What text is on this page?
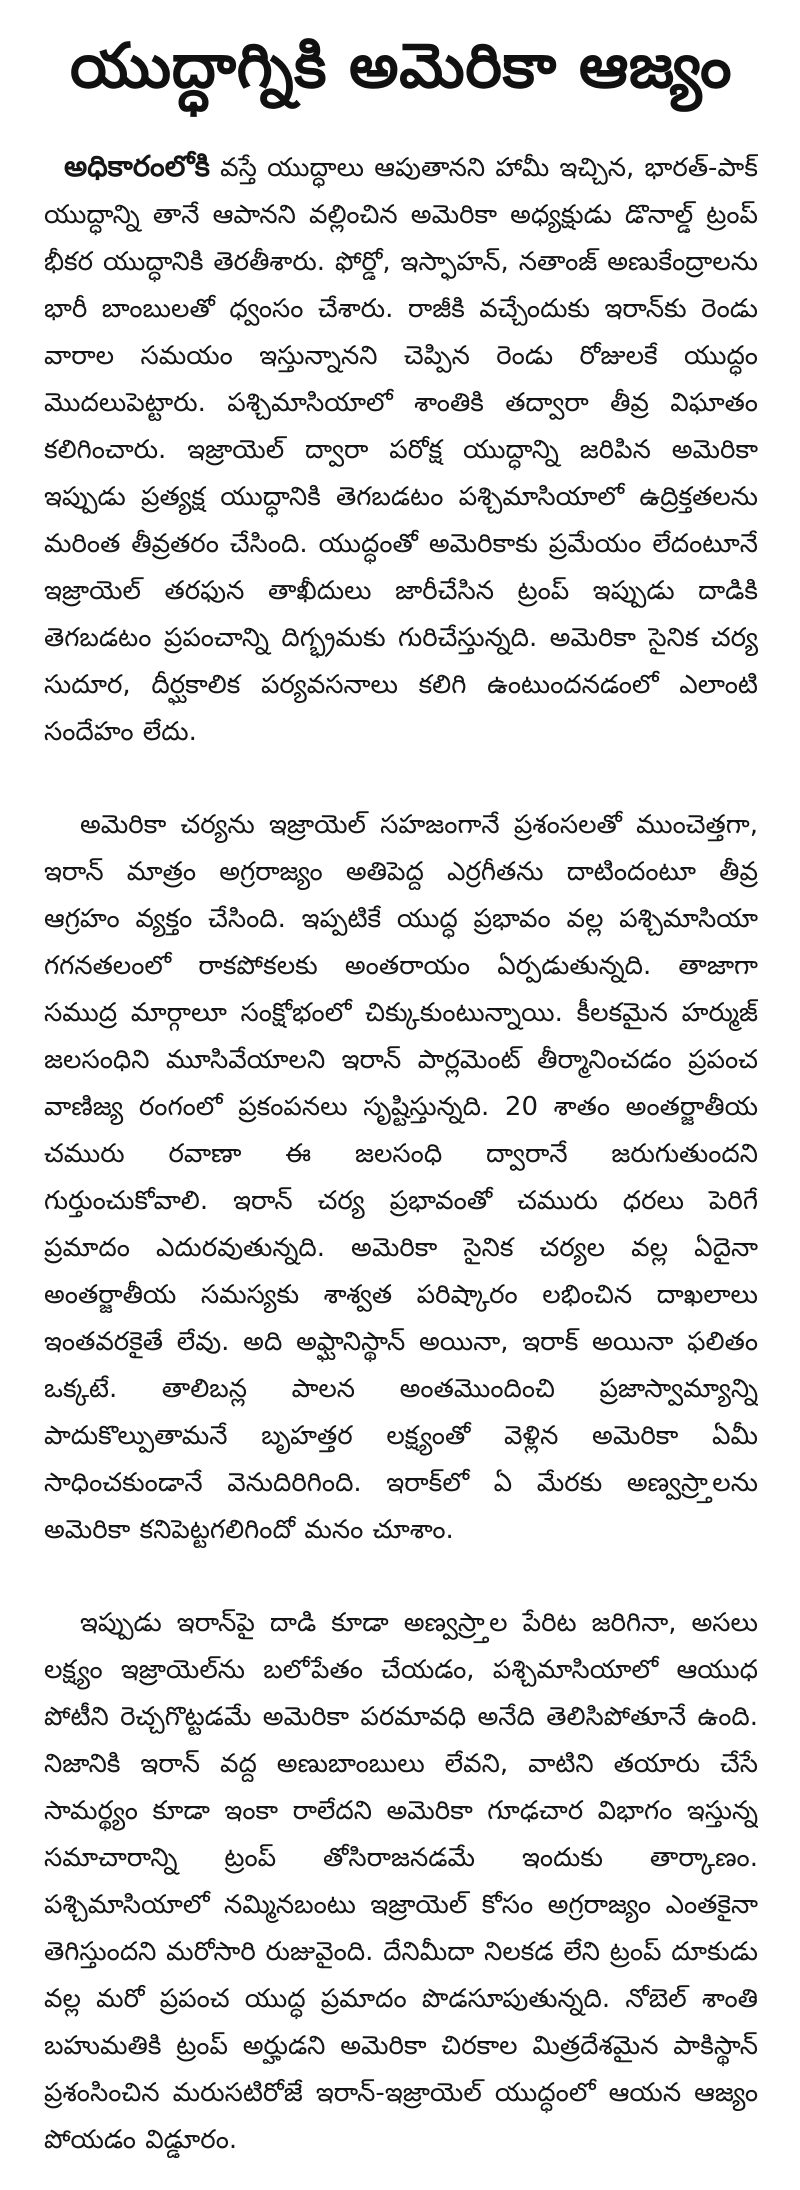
యుద్ధాగ్నికి అమెరికా ఆజ్యం

అధికారంలోకి వస్తే యుద్ధాలు ఆపుతానని హామీ ఇచ్చిన, భారత్‌-పాక్‌ యుద్ధాన్ని తానే ఆపానని వల్లించిన అమెరికా అధ్యక్షుడు డొనాల్డ్‌ ట్రంప్‌ భీకర యుద్ధానికి తెరతీశారు. ఫోర్డో, ఇస్ఫాహన్‌, నతాంజ్‌ అణుకేంద్రాలను భారీ బాంబులతో ధ్వంసం చేశారు. రాజీకి వచ్చేందుకు ఇరాన్‌కు రెండు వారాల సమయం ఇస్తున్నానని చెప్పిన రెండు రోజులకే యుద్ధం మొదలుపెట్టారు. పశ్చిమాసియాలో శాంతికి తద్వారా తీవ్ర విఘాతం కలిగించారు. ఇజ్రాయెల్‌ ద్వారా పరోక్ష యుద్ధాన్ని జరిపిన అమెరికా ఇప్పుడు ప్రత్యక్ష యుద్ధానికి తెగబడటం పశ్చిమాసియాలో ఉద్రిక్తతలను మరింత తీవ్రతరం చేసింది. యుద్ధంతో అమెరికాకు ప్రమేయం లేదంటూనే ఇజ్రాయెల్‌ తరఫున తాఖీదులు జారీచేసిన ట్రంప్‌ ఇప్పుడు దాడికి తెగబడటం ప్రపంచాన్ని దిగ్భ్రమకు గురిచేస్తున్నది. అమెరికా సైనిక చర్య సుదూర, దీర్ఘకాలిక పర్యవసనాలు కలిగి ఉంటుందనడంలో ఎలాంటి సందేహం లేదు.

అమెరికా చర్యను ఇజ్రాయెల్‌ సహజంగానే ప్రశంసలతో ముంచెత్తగా, ఇరాన్‌ మాత్రం అగ్రరాజ్యం అతిపెద్ద ఎర్రగీతను దాటిందంటూ తీవ్ర ఆగ్రహం వ్యక్తం చేసింది. ఇప్పటికే యుద్ధ ప్రభావం వల్ల పశ్చిమాసియా గగనతలంలో రాకపోకలకు అంతరాయం ఏర్పడుతున్నది. తాజాగా సముద్ర మార్గాలూ సంక్షోభంలో చిక్కుకుంటున్నాయి. కీలకమైన హర్ముజ్‌ జలసంధిని మూసివేయాలని ఇరాన్‌ పార్లమెంట్‌ తీర్మానించడం ప్రపంచ వాణిజ్య రంగంలో ప్రకంపనలు సృష్టిస్తున్నది. 20 శాతం అంతర్జాతీయ చమురు రవాణా ఈ జలసంధి ద్వారానే జరుగుతుందని గుర్తుంచుకోవాలి. ఇరాన్‌ చర్య ప్రభావంతో చమురు ధరలు పెరిగే ప్రమాదం ఎదురవుతున్నది. అమెరికా సైనిక చర్యల వల్ల ఏదైనా అంతర్జాతీయ సమస్యకు శాశ్వత పరిష్కారం లభించిన దాఖలాలు ఇంతవరకైతే లేవు. అది అఫ్ఘానిస్థాన్‌ అయినా, ఇరాక్‌ అయినా ఫలితం ఒక్కటే. తాలిబన్ల పాలన అంతమొందించి ప్రజాస్వామ్యాన్ని పాదుకొల్పుతామనే బృహత్తర లక్ష్యంతో వెళ్లిన అమెరికా ఏమీ సాధించకుండానే వెనుదిరిగింది. ఇరాక్‌లో ఏ మేరకు అణ్వస్ర్తాలను అమెరికా కనిపెట్టగలిగిందో మనం చూశాం.

ఇప్పుడు ఇరాన్‌పై దాడి కూడా అణ్వస్ర్తాల పేరిట జరిగినా, అసలు లక్ష్యం ఇజ్రాయెల్‌ను బలోపేతం చేయడం, పశ్చిమాసియాలో ఆయుధ పోటీని రెచ్చగొట్టడమే అమెరికా పరమావధి అనేది తెలిసిపోతూనే ఉంది. నిజానికి ఇరాన్‌ వద్ద అణుబాంబులు లేవని, వాటిని తయారు చేసే సామర్థ్యం కూడా ఇంకా రాలేదని అమెరికా గూఢచార విభాగం ఇస్తున్న సమాచారాన్ని ట్రంప్‌ తోసిరాజనడమే ఇందుకు తార్కాణం. పశ్చిమాసియాలో నమ్మినబంటు ఇజ్రాయెల్‌ కోసం అగ్రరాజ్యం ఎంతకైనా తెగిస్తుందని మరోసారి రుజువైంది. దేనిమీదా నిలకడ లేని ట్రంప్‌ దూకుడు వల్ల మరో ప్రపంచ యుద్ధ ప్రమాదం పొడసూపుతున్నది. నోబెల్‌ శాంతి బహుమతికి ట్రంప్‌ అర్హుడని అమెరికా చిరకాల మిత్రదేశమైన పాకిస్థాన్‌ ప్రశంసించిన మరుసటిరోజే ఇరాన్‌-ఇజ్రాయెల్‌ యుద్ధంలో ఆయన ఆజ్యం పోయడం విడ్డూరం.
